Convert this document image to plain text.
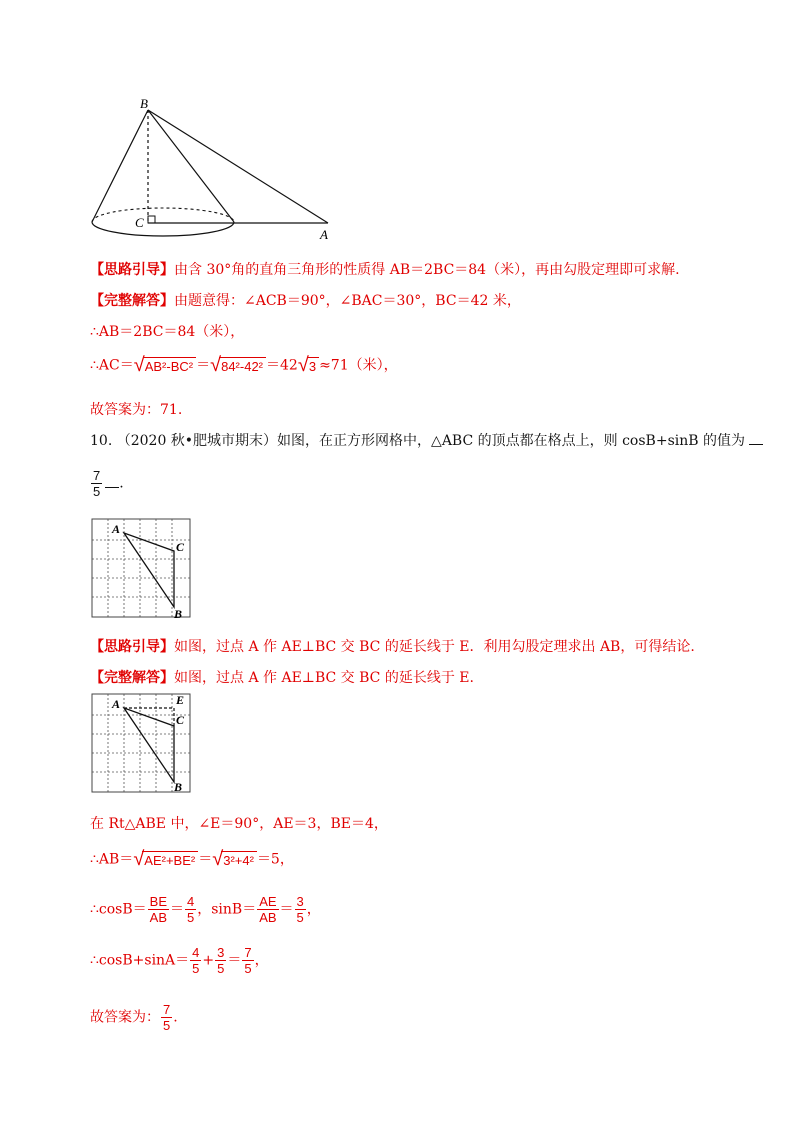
B
C
A
【思路引导】由含 30°角的直角三角形的性质得 AB＝2BC＝84（米），再由勾股定理即可求解.
【完整解答】由题意得：∠ACB＝90°，∠BAC＝30°，BC＝42 米，
∴AB＝2BC＝84（米），
∴AC＝√AB²-BC² ＝√84²-42² ＝42√3 ≈71（米），
故答案为：71.
10. （2020 秋•肥城市期末）如图，在正方形网格中，△ABC 的顶点都在格点上，则 cosB+sinB 的值为
$\frac{7}{5}$ .
A
C
B
【思路引导】如图，过点 A 作 AE⊥BC 交 BC 的延长线于 E．利用勾股定理求出 AB，可得结论.
【完整解答】如图，过点 A 作 AE⊥BC 交 BC 的延长线于 E.
A	E
C
B
在 Rt△ABE 中，∠E＝90°，AE＝3，BE＝4，
∴AB＝√AE²+BE² ＝√3²+4² ＝5，
∴cosB＝ $\frac{BE}{AB} = \frac{4}{5}$ ，$\sin B= \frac{AE}{AB} = \frac{3}{5}$ ，
∴cosB+sinA＝ $\frac{4}{5} + \frac{3}{5} = \frac{7}{5}$ ，
故答案为： $\frac{7}{5}$ .
